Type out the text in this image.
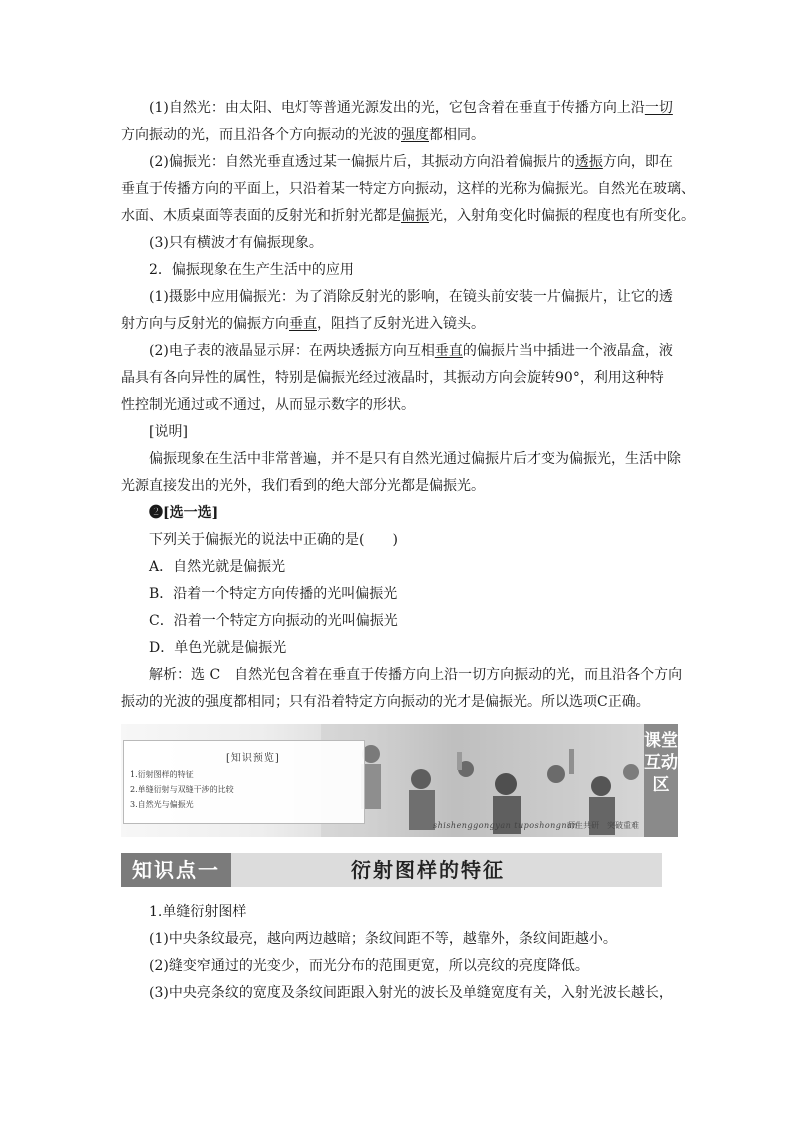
(1)自然光：由太阳、电灯等普通光源发出的光，它包含着在垂直于传播方向上沿一切
方向振动的光，而且沿各个方向振动的光波的强度都相同。
(2)偏振光：自然光垂直透过某一偏振片后，其振动方向沿着偏振片的透振方向，即在
垂直于传播方向的平面上，只沿着某一特定方向振动，这样的光称为偏振光。自然光在玻璃、
水面、木质桌面等表面的反射光和折射光都是偏振光，入射角变化时偏振的程度也有所变化。
(3)只有横波才有偏振现象。
2．偏振现象在生产生活中的应用
(1)摄影中应用偏振光：为了消除反射光的影响，在镜头前安装一片偏振片，让它的透
射方向与反射光的偏振方向垂直，阻挡了反射光进入镜头。
(2)电子表的液晶显示屏：在两块透振方向互相垂直的偏振片当中插进一个液晶盒，液
晶具有各向异性的属性，特别是偏振光经过液晶时，其振动方向会旋转90°，利用这种特
性控制光通过或不通过，从而显示数字的形状。
[说明]
偏振现象在生活中非常普遍，并不是只有自然光通过偏振片后才变为偏振光，生活中除
光源直接发出的光外，我们看到的绝大部分光都是偏振光。
❷[选一选]
下列关于偏振光的说法中正确的是(　　)
A．自然光就是偏振光
B．沿着一个特定方向传播的光叫偏振光
C．沿着一个特定方向振动的光叫偏振光
D．单色光就是偏振光
解析：选 C　自然光包含着在垂直于传播方向上沿一切方向振动的光，而且沿各个方向
振动的光波的强度都相同；只有沿着特定方向振动的光才是偏振光。所以选项C正确。
[知识预览]
1.衍射图样的特征
2.单缝衍射与双缝干涉的比较
3.自然光与偏振光
课堂互动区
shishenggongyan tuposhongnan
师生共研　突破重难
知识点一	衍射图样的特征
1.单缝衍射图样
(1)中央条纹最亮，越向两边越暗；条纹间距不等，越靠外，条纹间距越小。
(2)缝变窄通过的光变少，而光分布的范围更宽，所以亮纹的亮度降低。
(3)中央亮条纹的宽度及条纹间距跟入射光的波长及单缝宽度有关，入射光波长越长，
